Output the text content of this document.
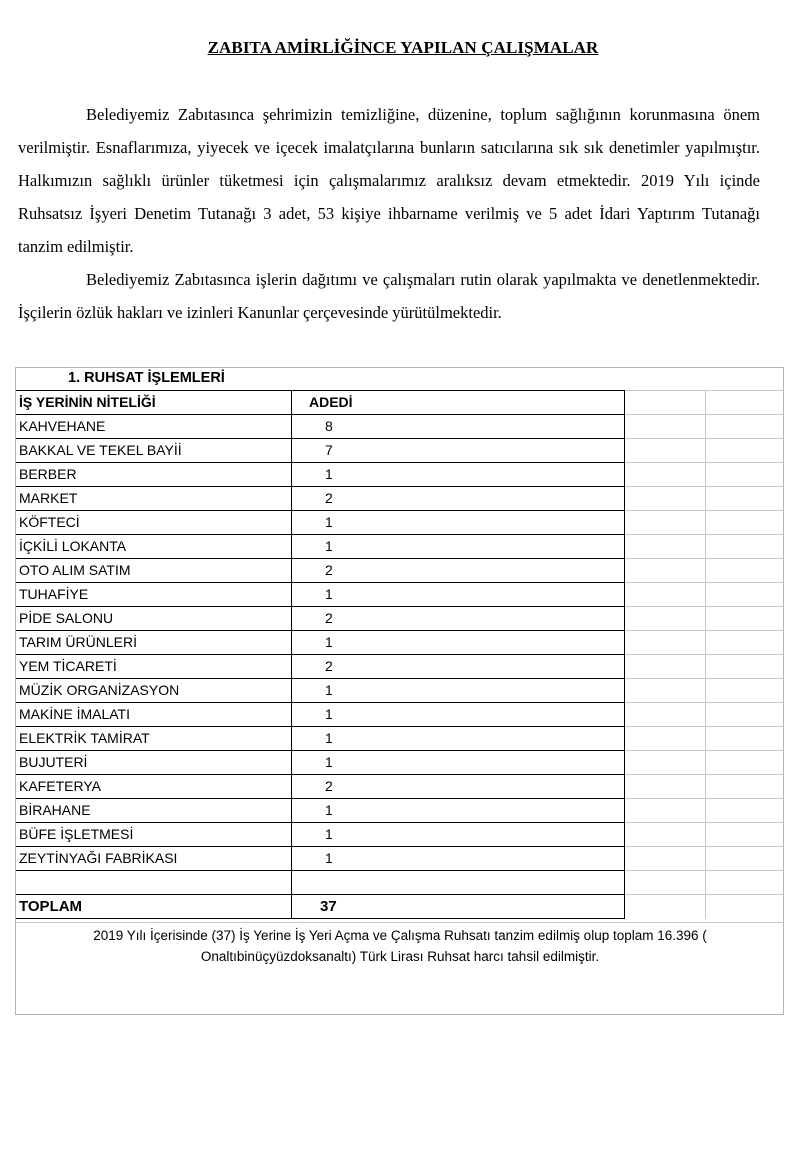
ZABITA AMİRLİĞİNCE YAPILAN ÇALIŞMALAR
Belediyemiz Zabıtasınca şehrimizin temizliğine, düzenine, toplum sağlığının korunmasına önem verilmiştir. Esnaflarımıza, yiyecek ve içecek imalatçılarına bunların satıcılarına sık sık denetimler yapılmıştır. Halkımızın sağlıklı ürünler tüketmesi için çalışmalarımız aralıksız devam etmektedir. 2019 Yılı içinde Ruhsatsız İşyeri Denetim Tutanağı 3 adet, 53 kişiye ihbarname verilmiş ve 5 adet İdari Yaptırım Tutanağı tanzim edilmiştir.
Belediyemiz Zabıtasınca işlerin dağıtımı ve çalışmaları rutin olarak yapılmakta ve denetlenmektedir. İşçilerin özlük hakları ve izinleri Kanunlar çerçevesinde yürütülmektedir.
1. RUHSAT İŞLEMLERİ
İŞ YERİNİN NİTELİĞİ	ADEDİ
KAHVEHANE	8
BAKKAL VE TEKEL BAYİİ	7
BERBER	1
MARKET	2
KÖFTECİ	1
İÇKİLİ LOKANTA	1
OTO ALIM SATIM	2
TUHAFİYE	1
PİDE SALONU	2
TARIM ÜRÜNLERİ	1
YEM TİCARETİ	2
MÜZİK ORGANİZASYON	1
MAKİNE İMALATI	1
ELEKTRİK TAMİRAT	1
BUJUTERİ	1
KAFETERYA	2
BİRAHANE	1
BÜFE İŞLETMESİ	1
ZEYTİNYAĞI FABRİKASI	1
TOPLAM	37
2019 Yılı İçerisinde (37) İş Yerine İş Yeri Açma ve Çalışma Ruhsatı tanzim edilmiş olup toplam 16.396 ( Onaltıbinüçyüzdoksanaltı) Türk Lirası Ruhsat harcı tahsil edilmiştir.
